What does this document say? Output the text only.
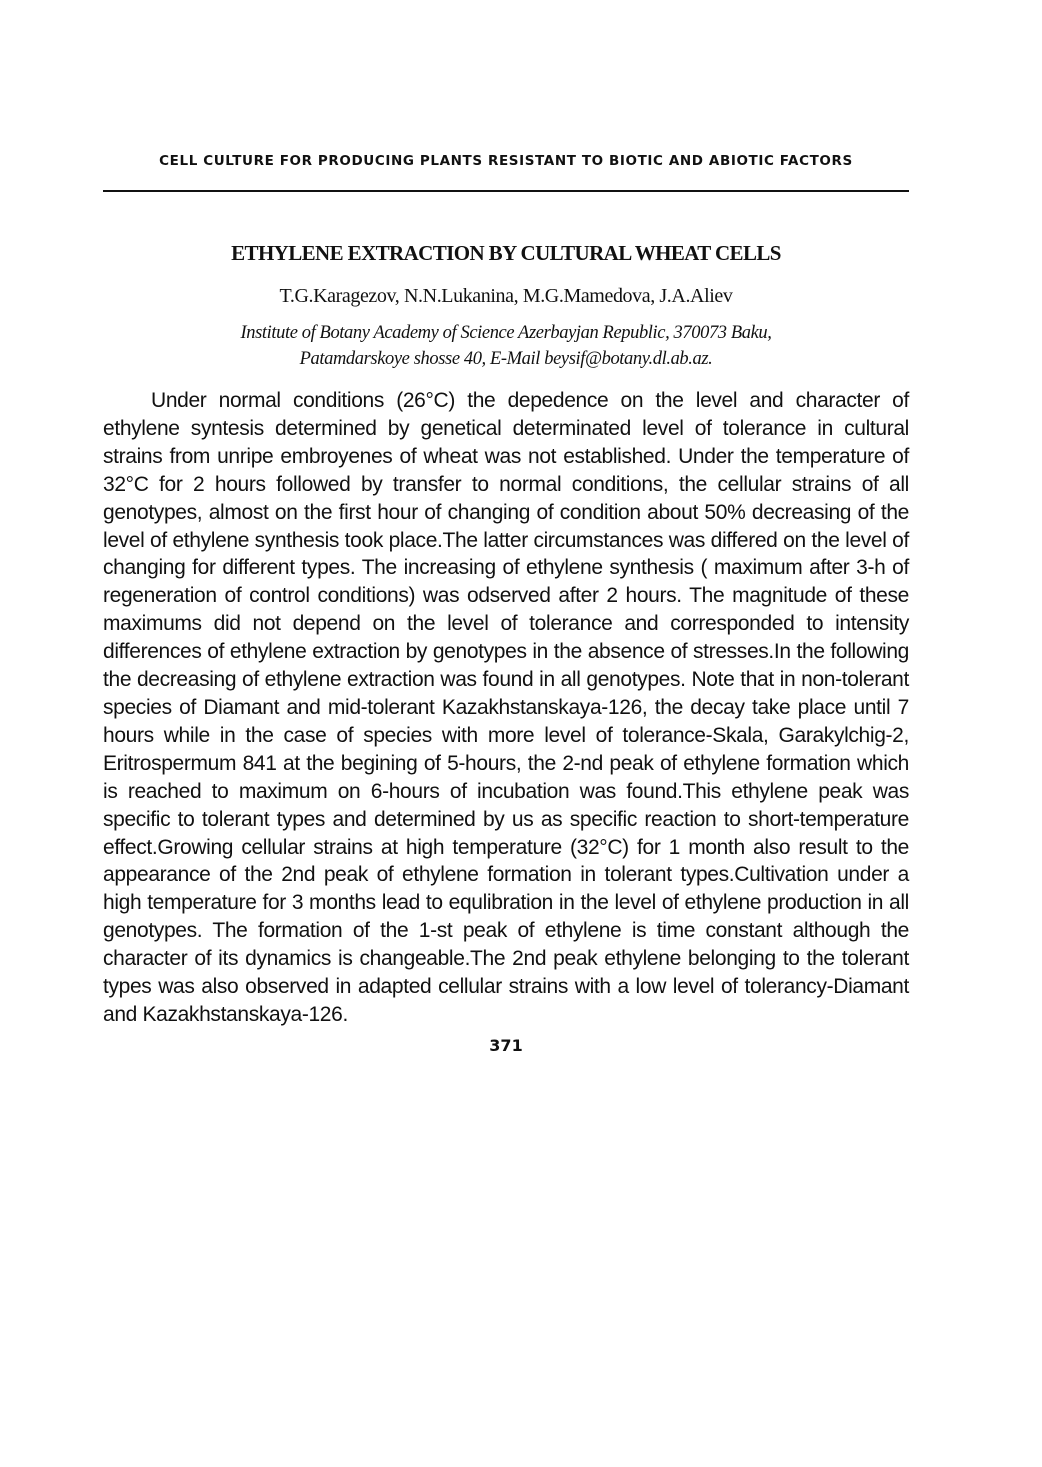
CELL CULTURE FOR PRODUCING PLANTS RESISTANT TO BIOTIC AND ABIOTIC FACTORS
ETHYLENE EXTRACTION BY CULTURAL WHEAT CELLS
T.G.Karagezov, N.N.Lukanina, M.G.Mamedova, J.A.Aliev
Institute of Botany Academy of Science Azerbayjan Republic, 370073 Baku,
Patamdarskoye shosse 40, E-Mail beysif@botany.dl.ab.az.

Under normal conditions (26°C) the depedence on the level and character of ethylene syntesis determined by genetical determinated level of tolerance in cultural strains from unripe embroyenes of wheat was not established. Under the temperature of 32°C for 2 hours followed by transfer to normal conditions, the cellular strains of all genotypes, almost on the first hour of changing of condition about 50% decreasing of the level of ethylene synthesis took place.The latter circumstances was differed on the level of changing for different types. The increasing of ethylene synthesis ( maximum after 3-h of regeneration of control conditions) was odserved after 2 hours. The magnitude of these maximums did not depend on the level of tolerance and corresponded to intensity differences of ethylene extraction by genotypes in the absence of stresses.In the following the decreasing of ethylene extraction was found in all genotypes. Note that in non-tolerant species of Diamant and mid-tolerant Kazakhstanskaya-126, the decay take place until 7 hours while in the case of species with more level of tolerance-Skala, Garakylchig-2, Eritrospermum 841 at the begining of 5-hours, the 2-nd peak of ethylene formation which is reached to maximum on 6-hours of incubation was found.This ethylene peak was specific to tolerant types and determined by us as specific reaction to short-temperature effect.Growing cellular strains at high temperature (32°C) for 1 month also result to the appearance of the 2nd peak of ethylene formation in tolerant types.Cultivation under a high temperature for 3 months lead to equlibration in the level of ethylene production in all genotypes. The formation of the 1-st peak of ethylene is time constant although the character of its dynamics is changeable.The 2nd peak ethylene belonging to the tolerant types was also observed in adapted cellular strains with a low level of tolerancy-Diamant and Kazakhstanskaya-126.

371
